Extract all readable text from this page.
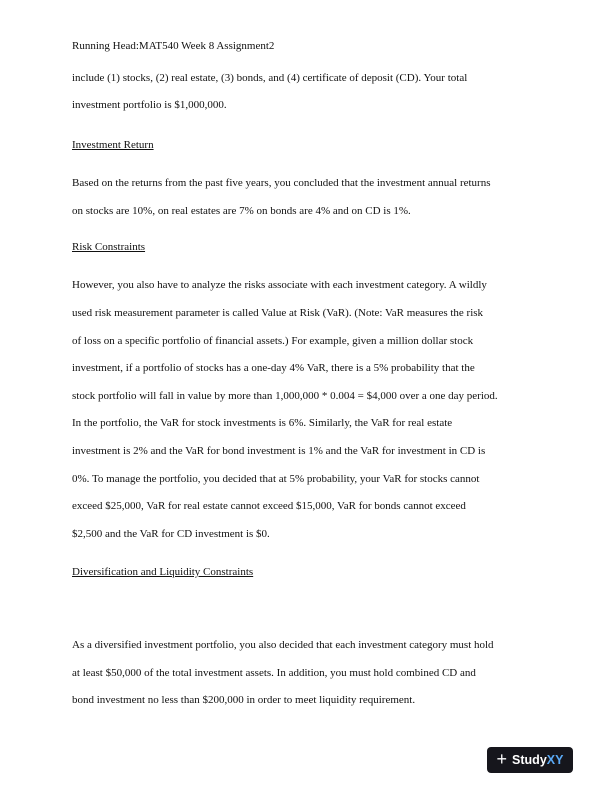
Running Head:MAT540 Week 8 Assignment2
include (1) stocks, (2) real estate, (3) bonds, and (4) certificate of deposit (CD). Your total
investment portfolio is $1,000,000.
Investment Return
Based on the returns from the past five years, you concluded that the investment annual returns
on stocks are 10%, on real estates are 7% on bonds are 4% and on CD is 1%.
Risk Constraints
However, you also have to analyze the risks associate with each investment category. A wildly
used risk measurement parameter is called Value at Risk (VaR). (Note: VaR measures the risk
of loss on a specific portfolio of financial assets.) For example, given a million dollar stock
investment, if a portfolio of stocks has a one-day 4% VaR, there is a 5% probability that the
stock portfolio will fall in value by more than 1,000,000 * 0.004 = $4,000 over a one day period.
In the portfolio, the VaR for stock investments is 6%. Similarly, the VaR for real estate
investment is 2% and the VaR for bond investment is 1% and the VaR for investment in CD is
0%. To manage the portfolio, you decided that at 5% probability, your VaR for stocks cannot
exceed $25,000, VaR for real estate cannot exceed $15,000, VaR for bonds cannot exceed
$2,500 and the VaR for CD investment is $0.
Diversification and Liquidity Constraints
As a diversified investment portfolio, you also decided that each investment category must hold
at least $50,000 of the total investment assets. In addition, you must hold combined CD and
bond investment no less than $200,000 in order to meet liquidity requirement.
+ Study XY
